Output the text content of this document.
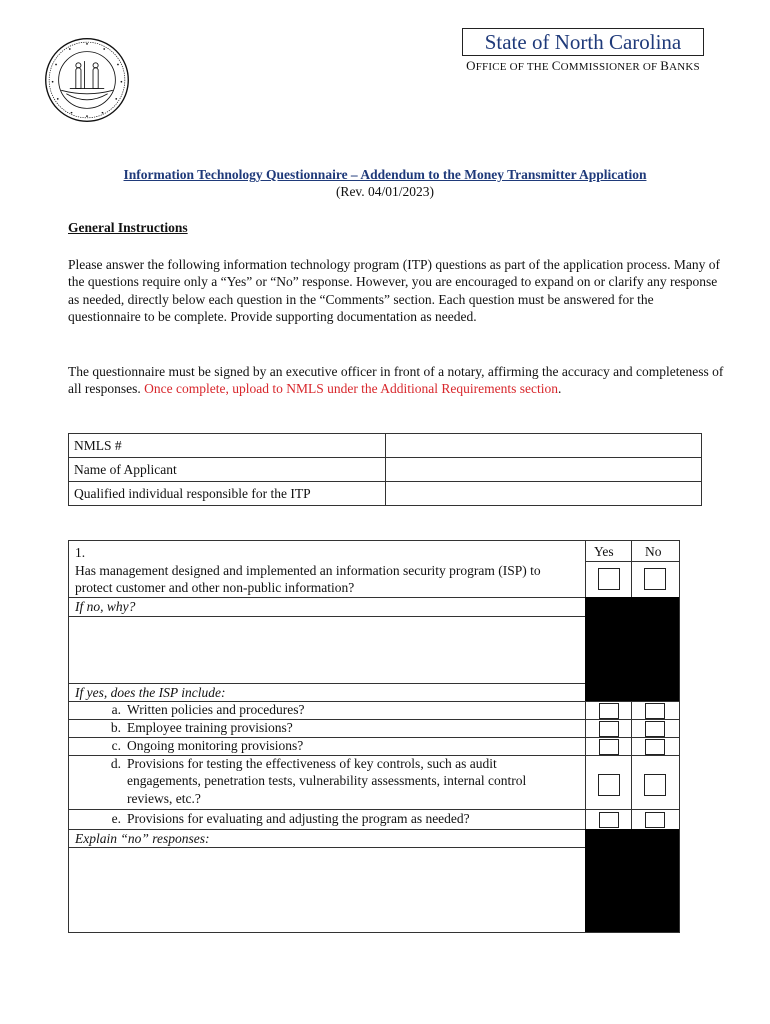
State of North Carolina
OFFICE OF THE COMMISSIONER OF BANKS
Information Technology Questionnaire – Addendum to the Money Transmitter Application
(Rev. 04/01/2023)
General Instructions
Please answer the following information technology program (ITP) questions as part of the application process. Many of the questions require only a “Yes” or “No” response. However, you are encouraged to expand on or clarify any response as needed, directly below each question in the “Comments” section. Each question must be answered for the questionnaire to be complete. Provide supporting documentation as needed.
The questionnaire must be signed by an executive officer in front of a notary, affirming the accuracy and completeness of all responses. Once complete, upload to NMLS under the Additional Requirements section.
NMLS #	
Name of Applicant	
Qualified individual responsible for the ITP	
Yes No
1.
Has management designed and implemented an information security program (ISP) to protect customer and other non-public information?
If no, why?
If yes, does the ISP include:
a. Written policies and procedures?
b. Employee training provisions?
c. Ongoing monitoring provisions?
d. Provisions for testing the effectiveness of key controls, such as audit engagements, penetration tests, vulnerability assessments, internal control reviews, etc.?
e. Provisions for evaluating and adjusting the program as needed?
Explain “no” responses:
